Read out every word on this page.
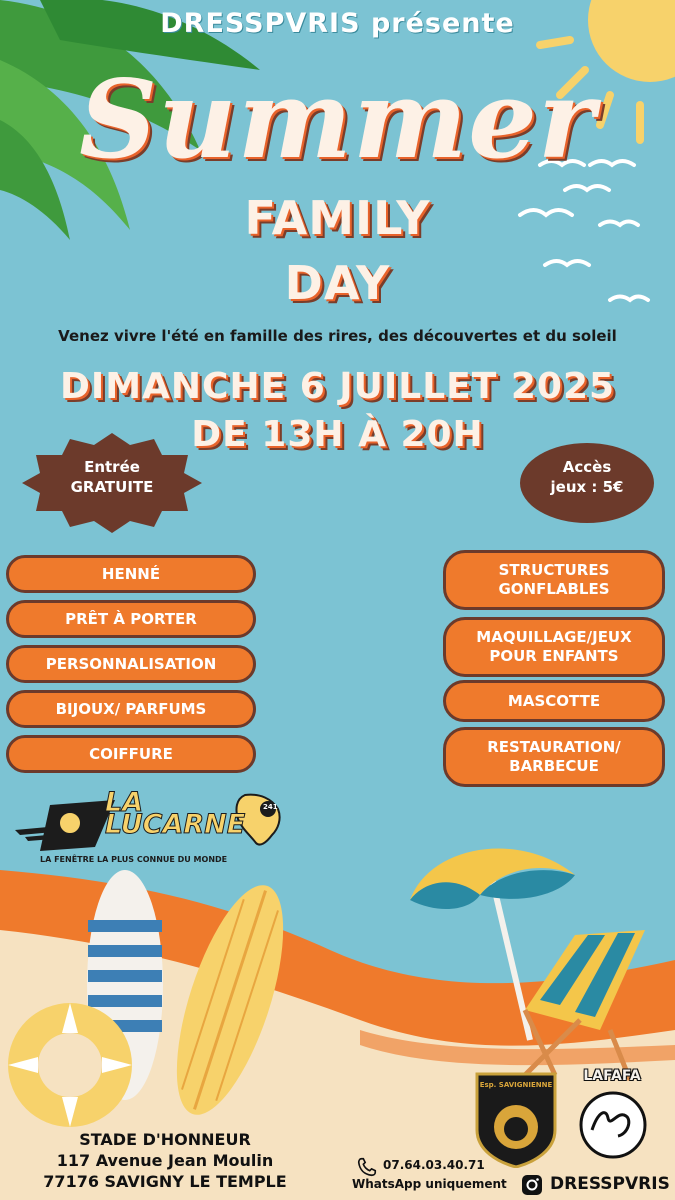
DRESSPVRIS présente
Summer
FAMILY
DAY
Venez vivre l'été en famille des rires, des découvertes et du soleil
DIMANCHE 6 JUILLET 2025
DE 13H À 20H
Entrée
GRATUITE
Accès
jeux : 5€
HENNÉ
PRÊT À PORTER
PERSONNALISATION
BIJOUX/ PARFUMS
COIFFURE
STRUCTURES
GONFLABLES
MAQUILLAGE/JEUX
POUR ENFANTS
MASCOTTE
RESTAURATION/
BARBECUE
LA
LUCARNE
241
LA FENÊTRE LA PLUS CONNUE DU MONDE
STADE D'HONNEUR
117 Avenue Jean Moulin
77176 SAVIGNY LE TEMPLE
07.64.03.40.71
WhatsApp uniquement	DRESSPVRIS
Esp. SAVIGNIENNE
LAFAFA
